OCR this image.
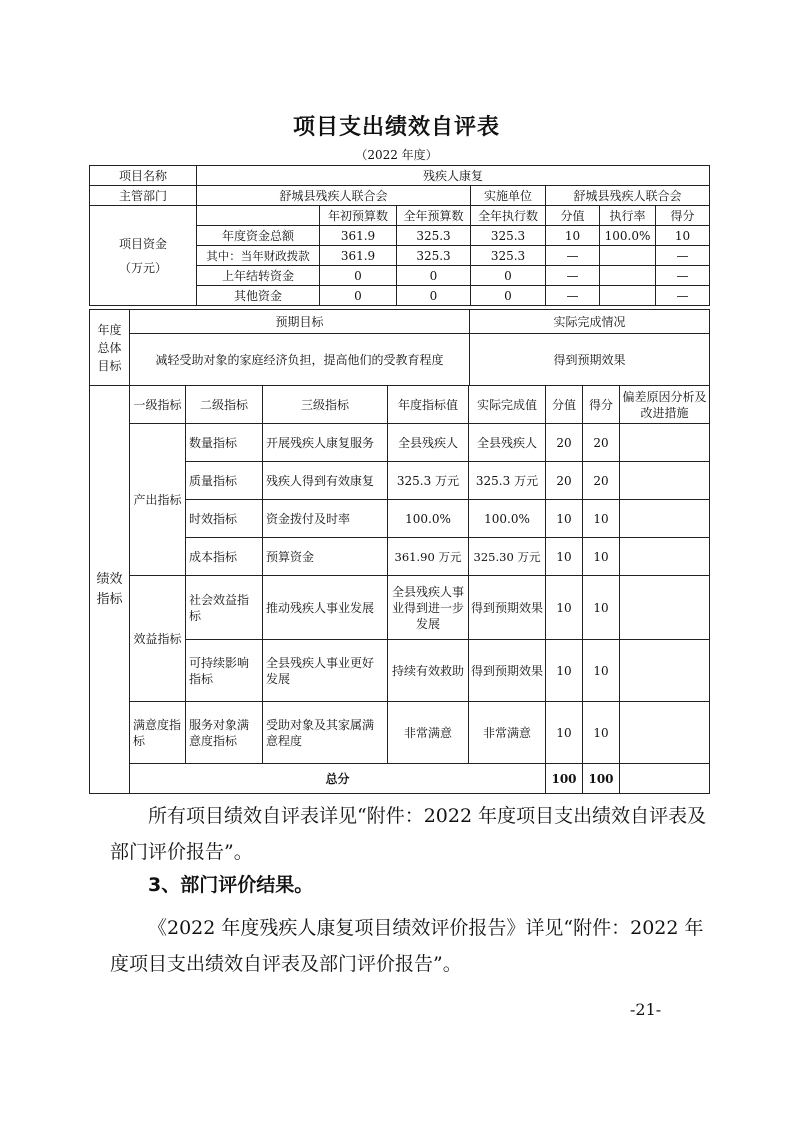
项目支出绩效自评表
（2022 年度）
项目名称	残疾人康复						
主管部门	舒城县残疾人联合会			实施单位	舒城县残疾人联合会		

项目资金
（万元）		年初预算数	全年预算数	全年执行数	分值	执行率	得分
	年度资金总额	361.9	325.3	325.3	10	100.0%	10
	其中：当年财政拨款	361.9	325.3	325.3	—		—
	上年结转资金	0	0	0	—		—
	其他资金	0	0	0	—		—
年度
总体
目标	预期目标	实际完成情况
	减轻受助对象的家庭经济负担，提高他们的受教育程度	得到预期效果
绩效
指标	一级指标	二级指标	三级指标	年度指标值	实际完成值	分值	得分	偏差原因分析及改进措施
	产出指标	数量指标	开展残疾人康复服务	全县残疾人	全县残疾人	20	20	
		质量指标	残疾人得到有效康复	325.3 万元	325.3 万元	20	20	
		时效指标	资金拨付及时率	100.0%	100.0%	10	10	
		成本指标	预算资金	361.90 万元	325.30 万元	10	10	
	效益指标	社会效益指标	推动残疾人事业发展	全县残疾人事业得到进一步发展	得到预期效果	10	10	
		可持续影响指标	全县残疾人事业更好发展	持续有效救助	得到预期效果	10	10	
	满意度指标	服务对象满意度指标	受助对象及其家属满意程度	非常满意	非常满意	10	10	
	总分					100	100	

所有项目绩效自评表详见“附件：2022 年度项目支出绩效自评表及部门评价报告”。

3、部门评价结果。

《2022 年度残疾人康复项目绩效评价报告》详见“附件：2022 年度项目支出绩效自评表及部门评价报告”。

-21-
